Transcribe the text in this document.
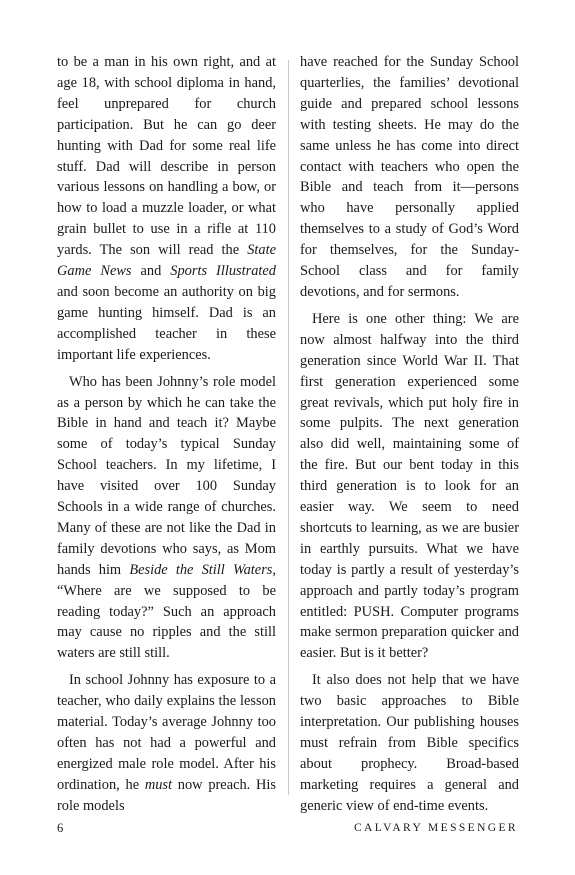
to be a man in his own right, and at age 18, with school diploma in hand, feel unprepared for church participation. But he can go deer hunting with Dad for some real life stuff. Dad will describe in person various lessons on handling a bow, or how to load a muzzle loader, or what grain bullet to use in a rifle at 110 yards. The son will read the State Game News and Sports Illustrated and soon become an authority on big game hunting himself. Dad is an accomplished teacher in these important life experiences.

Who has been Johnny’s role model as a person by which he can take the Bible in hand and teach it? Maybe some of today’s typical Sunday School teachers. In my lifetime, I have visited over 100 Sunday Schools in a wide range of churches. Many of these are not like the Dad in family devotions who says, as Mom hands him Beside the Still Waters, “Where are we supposed to be reading today?” Such an approach may cause no ripples and the still waters are still still.

In school Johnny has exposure to a teacher, who daily explains the lesson material. Today’s average Johnny too often has not had a powerful and energized male role model. After his ordination, he must now preach. His role models

have reached for the Sunday School quarterlies, the families’ devotional guide and prepared school lessons with testing sheets. He may do the same unless he has come into direct contact with teachers who open the Bible and teach from it—persons who have personally applied themselves to a study of God’s Word for themselves, for the Sunday-School class and for family devotions, and for sermons.

Here is one other thing: We are now almost halfway into the third generation since World War II. That first generation experienced some great revivals, which put holy fire in some pulpits. The next generation also did well, maintaining some of the fire. But our bent today in this third generation is to look for an easier way. We seem to need shortcuts to learning, as we are busier in earthly pursuits. What we have today is partly a result of yesterday’s approach and partly today’s program entitled: PUSH. Computer programs make sermon preparation quicker and easier. But is it better?

It also does not help that we have two basic approaches to Bible interpretation. Our publishing houses must refrain from Bible specifics about prophecy. Broad-based marketing requires a general and generic view of end-time events.

6	CALVARY MESSENGER
